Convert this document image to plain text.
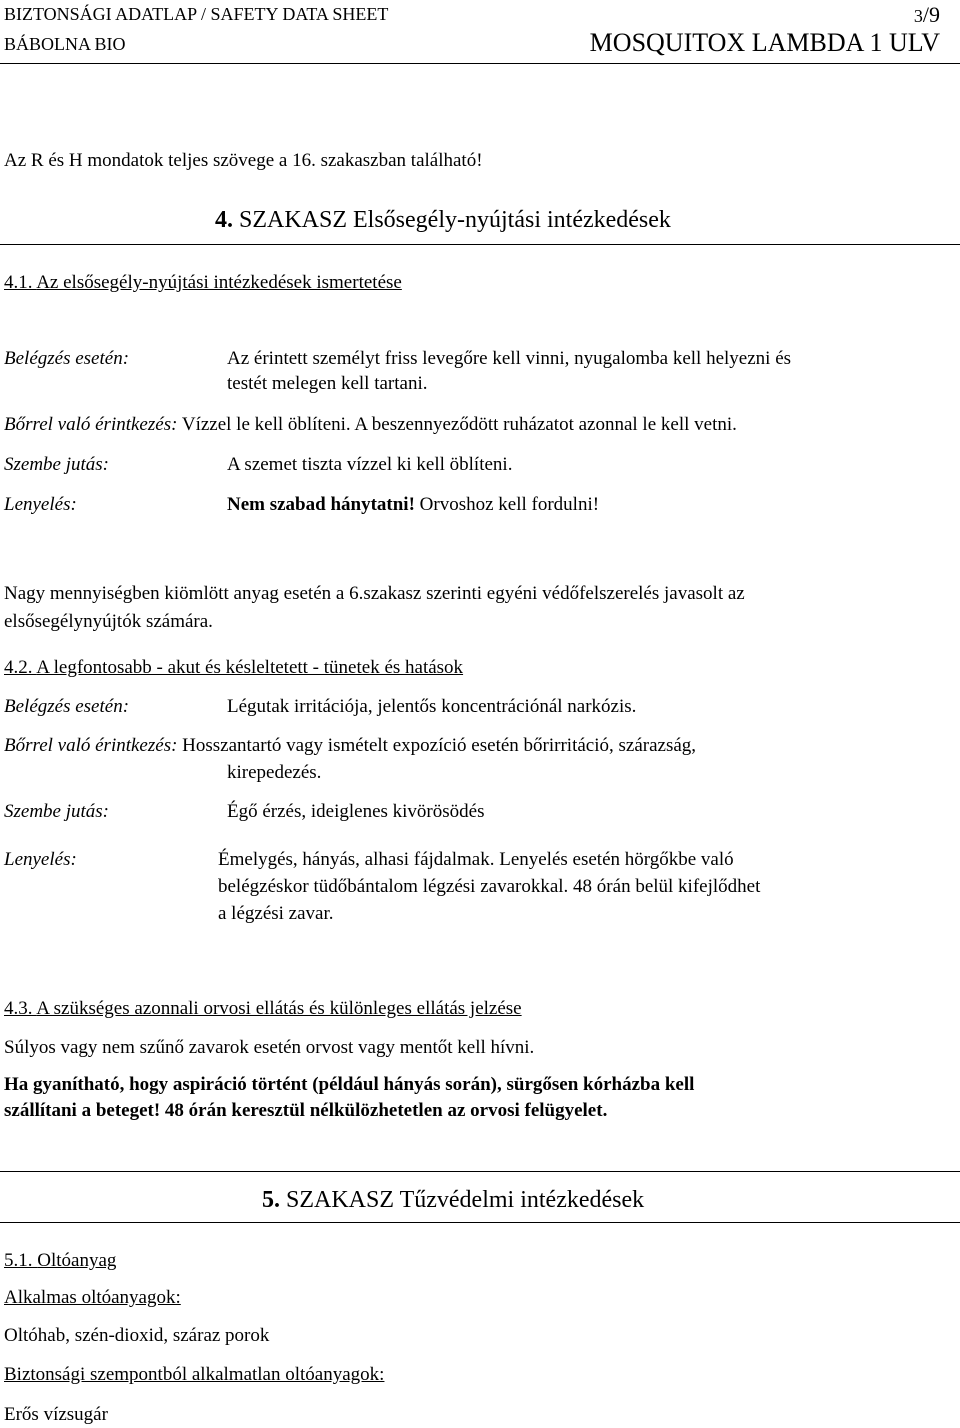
BIZTONSÁGI ADATLAP / SAFETY DATA SHEET	3/9
BÁBOLNA BIO	MOSQUITOX LAMBDA 1 ULV
Az R és H mondatok teljes szövege a 16. szakaszban található!
4. SZAKASZ Elsősegély-nyújtási intézkedések
4.1. Az elsősegély-nyújtási intézkedések ismertetése
Belégzés esetén:	Az érintett személyt friss levegőre kell vinni, nyugalomba kell helyezni és
testét melegen kell tartani.
Bőrrel való érintkezés: Vízzel le kell öblíteni. A beszennyeződött ruházatot azonnal le kell vetni.
Szembe jutás:	A szemet tiszta vízzel ki kell öblíteni.
Lenyelés:	Nem szabad hánytatni! Orvoshoz kell fordulni!
Nagy mennyiségben kiömlött anyag esetén a 6.szakasz szerinti egyéni védőfelszerelés javasolt az
elsősegélynyújtók számára.
4.2. A legfontosabb - akut és késleltetett - tünetek és hatások
Belégzés esetén:	Légutak irritációja, jelentős koncentrációnál narkózis.
Bőrrel való érintkezés: Hosszantartó vagy ismételt expozíció esetén bőrirritáció, szárazság,
kirepedezés.
Szembe jutás:	Égő érzés, ideiglenes kivörösödés
Lenyelés:	Émelygés, hányás, alhasi fájdalmak. Lenyelés esetén hörgőkbe való
belégzéskor tüdőbántalom légzési zavarokkal. 48 órán belül kifejlődhet
a légzési zavar.
4.3. A szükséges azonnali orvosi ellátás és különleges ellátás jelzése
Súlyos vagy nem szűnő zavarok esetén orvost vagy mentőt kell hívni.
Ha gyanítható, hogy aspiráció történt (például hányás során), sürgősen kórházba kell
szállítani a beteget! 48 órán keresztül nélkülözhetetlen az orvosi felügyelet.
5. SZAKASZ Tűzvédelmi intézkedések
5.1. Oltóanyag
Alkalmas oltóanyagok:
Oltóhab, szén-dioxid, száraz porok
Biztonsági szempontból alkalmatlan oltóanyagok:
Erős vízsugár
